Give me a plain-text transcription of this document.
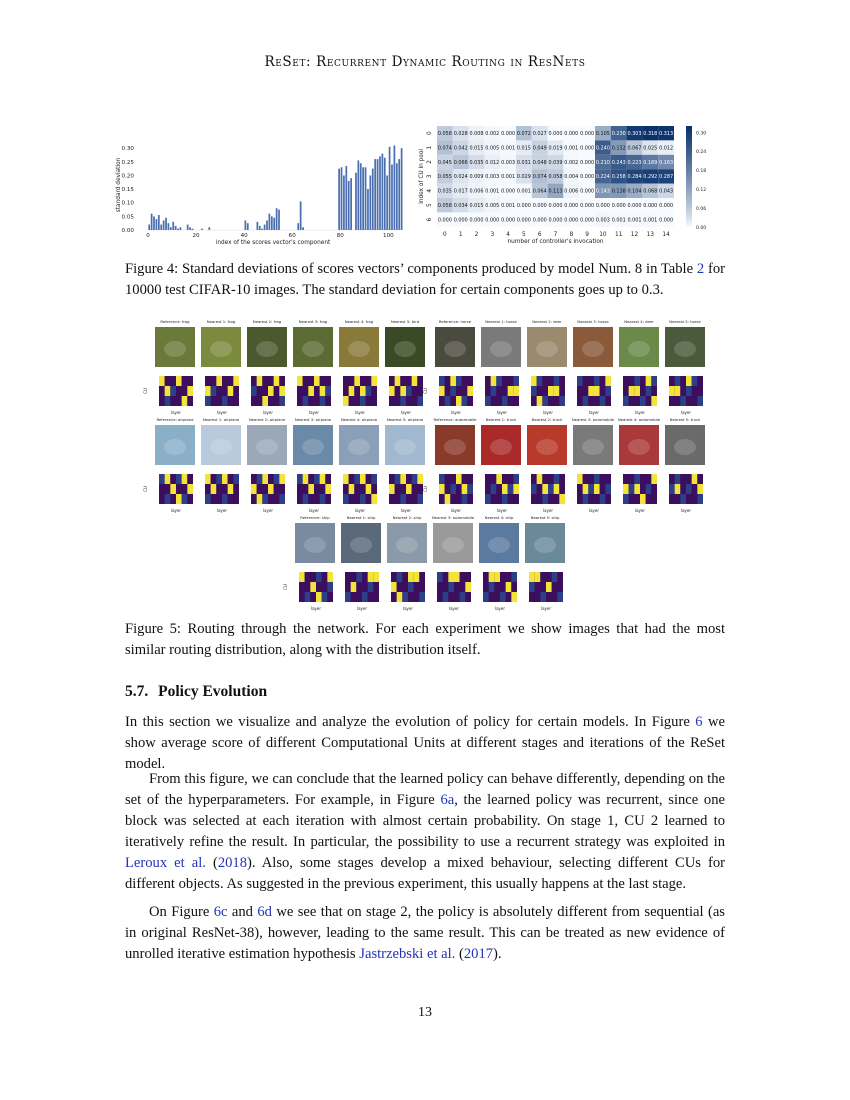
ReSet: Recurrent Dynamic Routing in ResNets
0.00
0.05
0.10
0.15
0.20
0.25
0.30
0	20	40	60	80	100
standard deviation
index of the scores vector's component
0.058 0.028 0.008 0.002 0.000 0.072 0.027 0.000 0.000 0.000 0.105 0.230 0.303 0.318 0.313
0.074 0.042 0.015 0.005 0.001 0.015 0.049 0.019 0.001 0.000 0.240 0.132 0.067 0.025 0.012
0.045 0.066 0.035 0.012 0.003 0.031 0.048 0.039 0.002 0.000 0.210 0.243 0.223 0.189 0.163
0.055 0.024 0.009 0.003 0.001 0.029 0.074 0.058 0.004 0.000 0.224 0.258 0.284 0.292 0.287
0.035 0.017 0.006 0.001 0.000 0.001 0.064 0.113 0.006 0.000 0.143 0.138 0.104 0.068 0.043
0.058 0.034 0.015 0.005 0.001 0.000 0.000 0.000 0.000 0.000 0.000 0.000 0.000 0.000 0.000
0.000 0.000 0.000 0.000 0.000 0.000 0.000 0.000 0.000 0.000 0.003 0.001 0.001 0.001 0.000
0 1 2 3 4 5 6 7 8 9 10 11 12 13 14
0
1
2
3
4
5
6
index of CU in pool
number of controller's invocation
0.30
0.24
0.18
0.12
0.06
0.00
Figure 4: Standard deviations of scores vectors’ components produced by model Num. 8 in Table 2 for 10000 test CIFAR-10 images. The standard deviation for certain components goes up to 0.3.
CU
Reference: frog
layer
Nearest 1: frog
layer
Nearest 2: frog
layer
Nearest 3: frog
layer
Nearest 4: frog
layer
Nearest 5: bird
layer
CU
Reference: horse
layer
Nearest 1: horse
layer
Nearest 2: deer
layer
Nearest 3: horse
layer
Nearest 4: deer
layer
Nearest 5: horse
layer
CU
Reference: airplane
layer
Nearest 1: airplane
layer
Nearest 2: airplane
layer
Nearest 3: airplane
layer
Nearest 4: airplane
layer
Nearest 5: airplane
layer
CU
Reference: automobile
layer
Nearest 1: truck
layer
Nearest 2: truck
layer
Nearest 3: automobile
layer
Nearest 4: automobile
layer
Nearest 5: truck
layer
CU
Reference: ship
layer
Nearest 1: ship
layer
Nearest 2: ship
layer
Nearest 3: automobile
layer
Nearest 4: ship
layer
Nearest 5: ship
layer
Figure 5: Routing through the network. For each experiment we show images that had the most similar routing distribution, along with the distribution itself.
5.7. Policy Evolution
In this section we visualize and analyze the evolution of policy for certain models. In Figure 6 we show average score of different Computational Units at different stages and iterations of the ReSet model.
From this figure, we can conclude that the learned policy can behave differently, depending on the set of the hyperparameters. For example, in Figure 6a, the learned policy was recurrent, since one block was selected at each iteration with almost certain probability. On stage 1, CU 2 learned to iteratively refine the result. In particular, the possibility to use a recurrent strategy was exploited in Leroux et al. (2018). Also, some stages develop a mixed behaviour, selecting different CUs for different objects. As suggested in the previous experiment, this usually happens at the last stage.
On Figure 6c and 6d we see that on stage 2, the policy is absolutely different from sequential (as in original ResNet-38), however, leading to the same result. This can be treated as new evidence of unrolled iterative estimation hypothesis Jastrzebski et al. (2017).
13
